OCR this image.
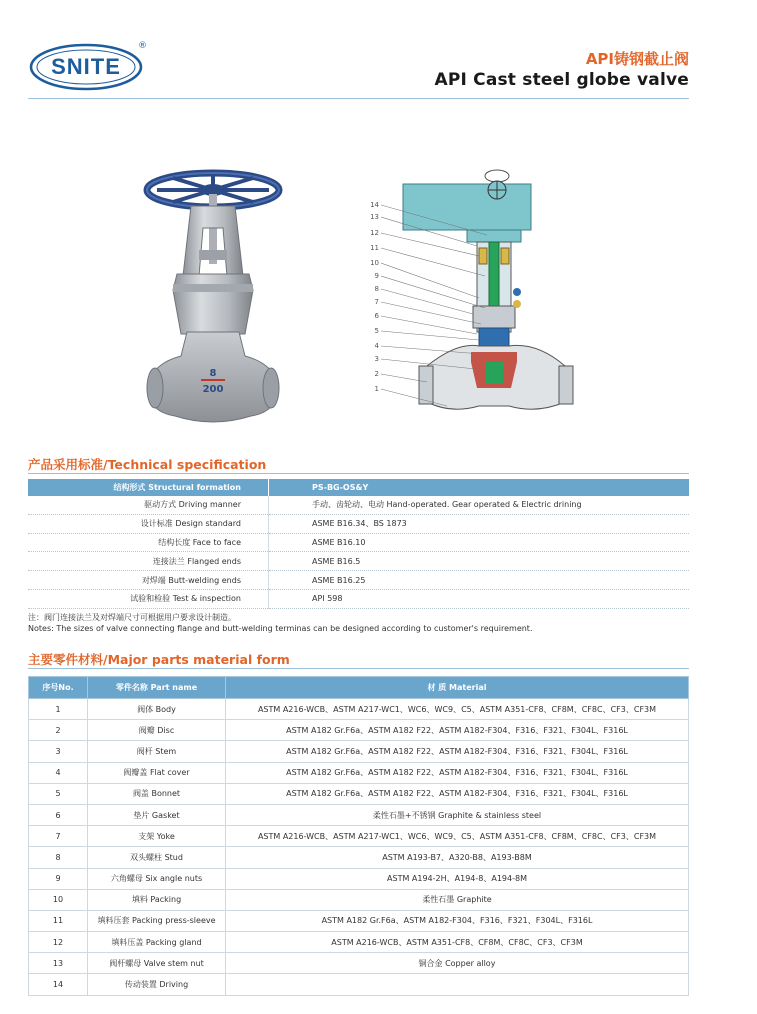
SNITE
®
API铸钢截止阀
API Cast steel globe valve
8
200
14
13
12
11
10
9
8
7
6
5
4
3
2
1
产品采用标准/Technical specification
结构形式 Structural formation	PS-BG-OS&Y
驱动方式 Driving manner	手动、齿轮动、电动 Hand-operated. Gear operated & Electric drining
设计标准 Design standard	ASME B16.34、BS 1873
结构长度 Face to face	ASME B16.10
连接法兰 Flanged ends	ASME B16.5
对焊端 Butt-welding ends	ASME B16.25
试验和检验 Test & inspection	API 598
注：阀门连接法兰及对焊端尺寸可根据用户要求设计制造。
Notes: The sizes of valve connecting flange and butt-welding terminas can be designed according to customer's requirement.
主要零件材料/Major parts material form
序号No.	零件名称 Part name	材 质 Material
1	阀体 Body	ASTM A216-WCB、ASTM A217-WC1、WC6、WC9、C5、ASTM A351-CF8、CF8M、CF8C、CF3、CF3M
2	阀瓣 Disc	ASTM A182 Gr.F6a、ASTM A182 F22、ASTM A182-F304、F316、F321、F304L、F316L
3	阀杆 Stem	ASTM A182 Gr.F6a、ASTM A182 F22、ASTM A182-F304、F316、F321、F304L、F316L
4	阀瓣盖 Flat cover	ASTM A182 Gr.F6a、ASTM A182 F22、ASTM A182-F304、F316、F321、F304L、F316L
5	阀盖 Bonnet	ASTM A182 Gr.F6a、ASTM A182 F22、ASTM A182-F304、F316、F321、F304L、F316L
6	垫片 Gasket	柔性石墨+不锈钢 Graphite & stainless steel
7	支架 Yoke	ASTM A216-WCB、ASTM A217-WC1、WC6、WC9、C5、ASTM A351-CF8、CF8M、CF8C、CF3、CF3M
8	双头螺柱 Stud	ASTM A193-B7、A320-B8、A193-B8M
9	六角螺母 Six angle nuts	ASTM A194-2H、A194-8、A194-8M
10	填料 Packing	柔性石墨 Graphite
11	填料压套 Packing press-sleeve	ASTM A182 Gr.F6a、ASTM A182-F304、F316、F321、F304L、F316L
12	填料压盖 Packing gland	ASTM A216-WCB、ASTM A351-CF8、CF8M、CF8C、CF3、CF3M
13	阀杆螺母 Valve stem nut	铜合金 Copper alloy
14	传动装置 Driving	
